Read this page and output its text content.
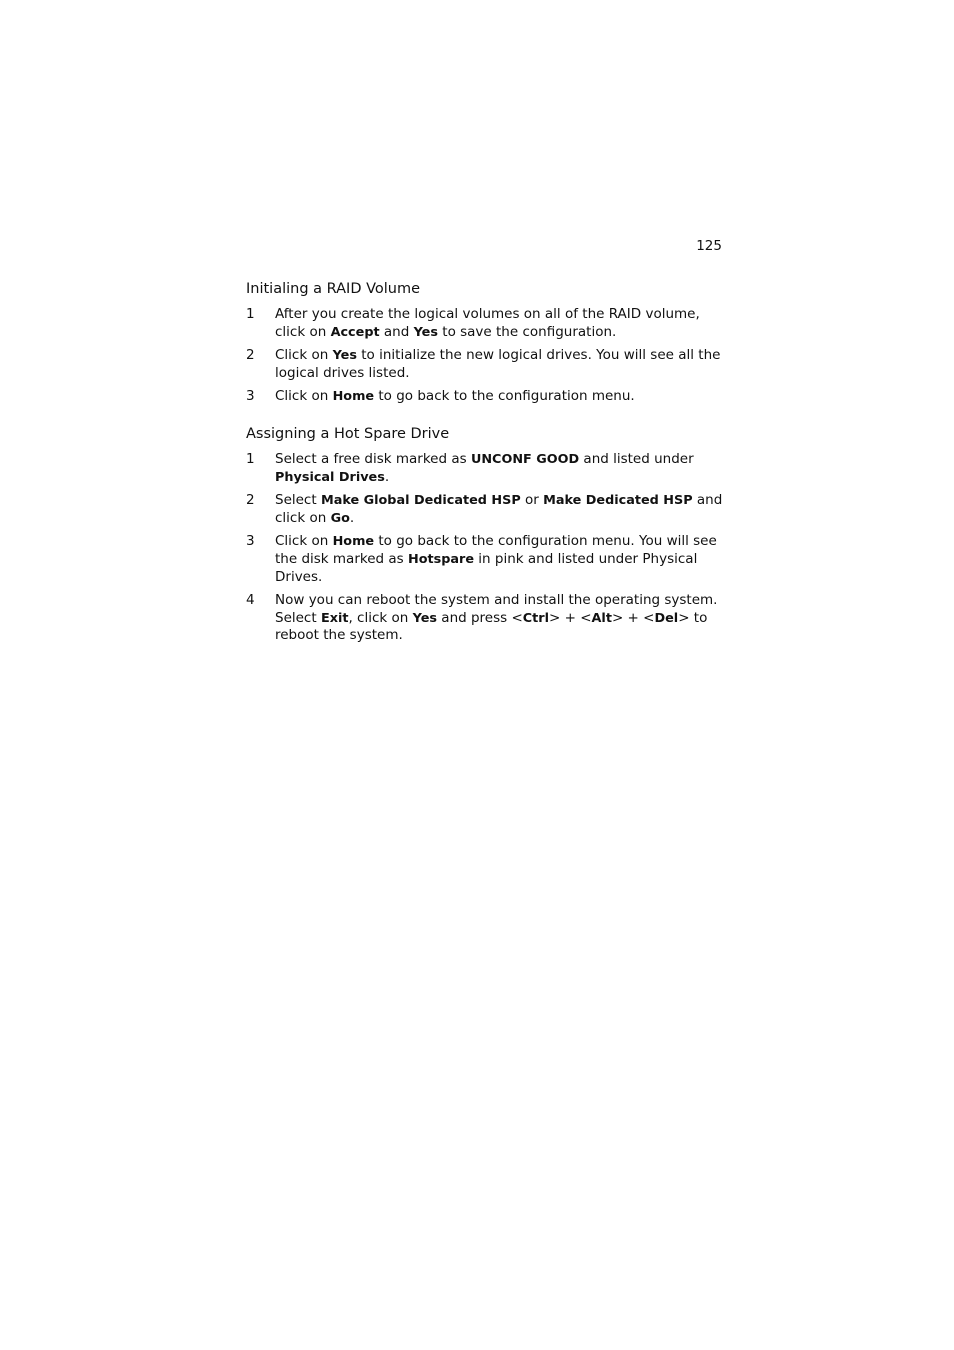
125
Initialing a RAID Volume
1	After you create the logical volumes on all of the RAID volume, click on Accept and Yes to save the configuration.
2	Click on Yes to initialize the new logical drives. You will see all the logical drives listed.
3	Click on Home to go back to the configuration menu.
Assigning a Hot Spare Drive
1	Select a free disk marked as UNCONF GOOD and listed under Physical Drives.
2	Select Make Global Dedicated HSP or Make Dedicated HSP and click on Go.
3	Click on Home to go back to the configuration menu. You will see the disk marked as Hotspare in pink and listed under Physical Drives.
4	Now you can reboot the system and install the operating system. Select Exit, click on Yes and press <Ctrl> + <Alt> + <Del> to reboot the system.
